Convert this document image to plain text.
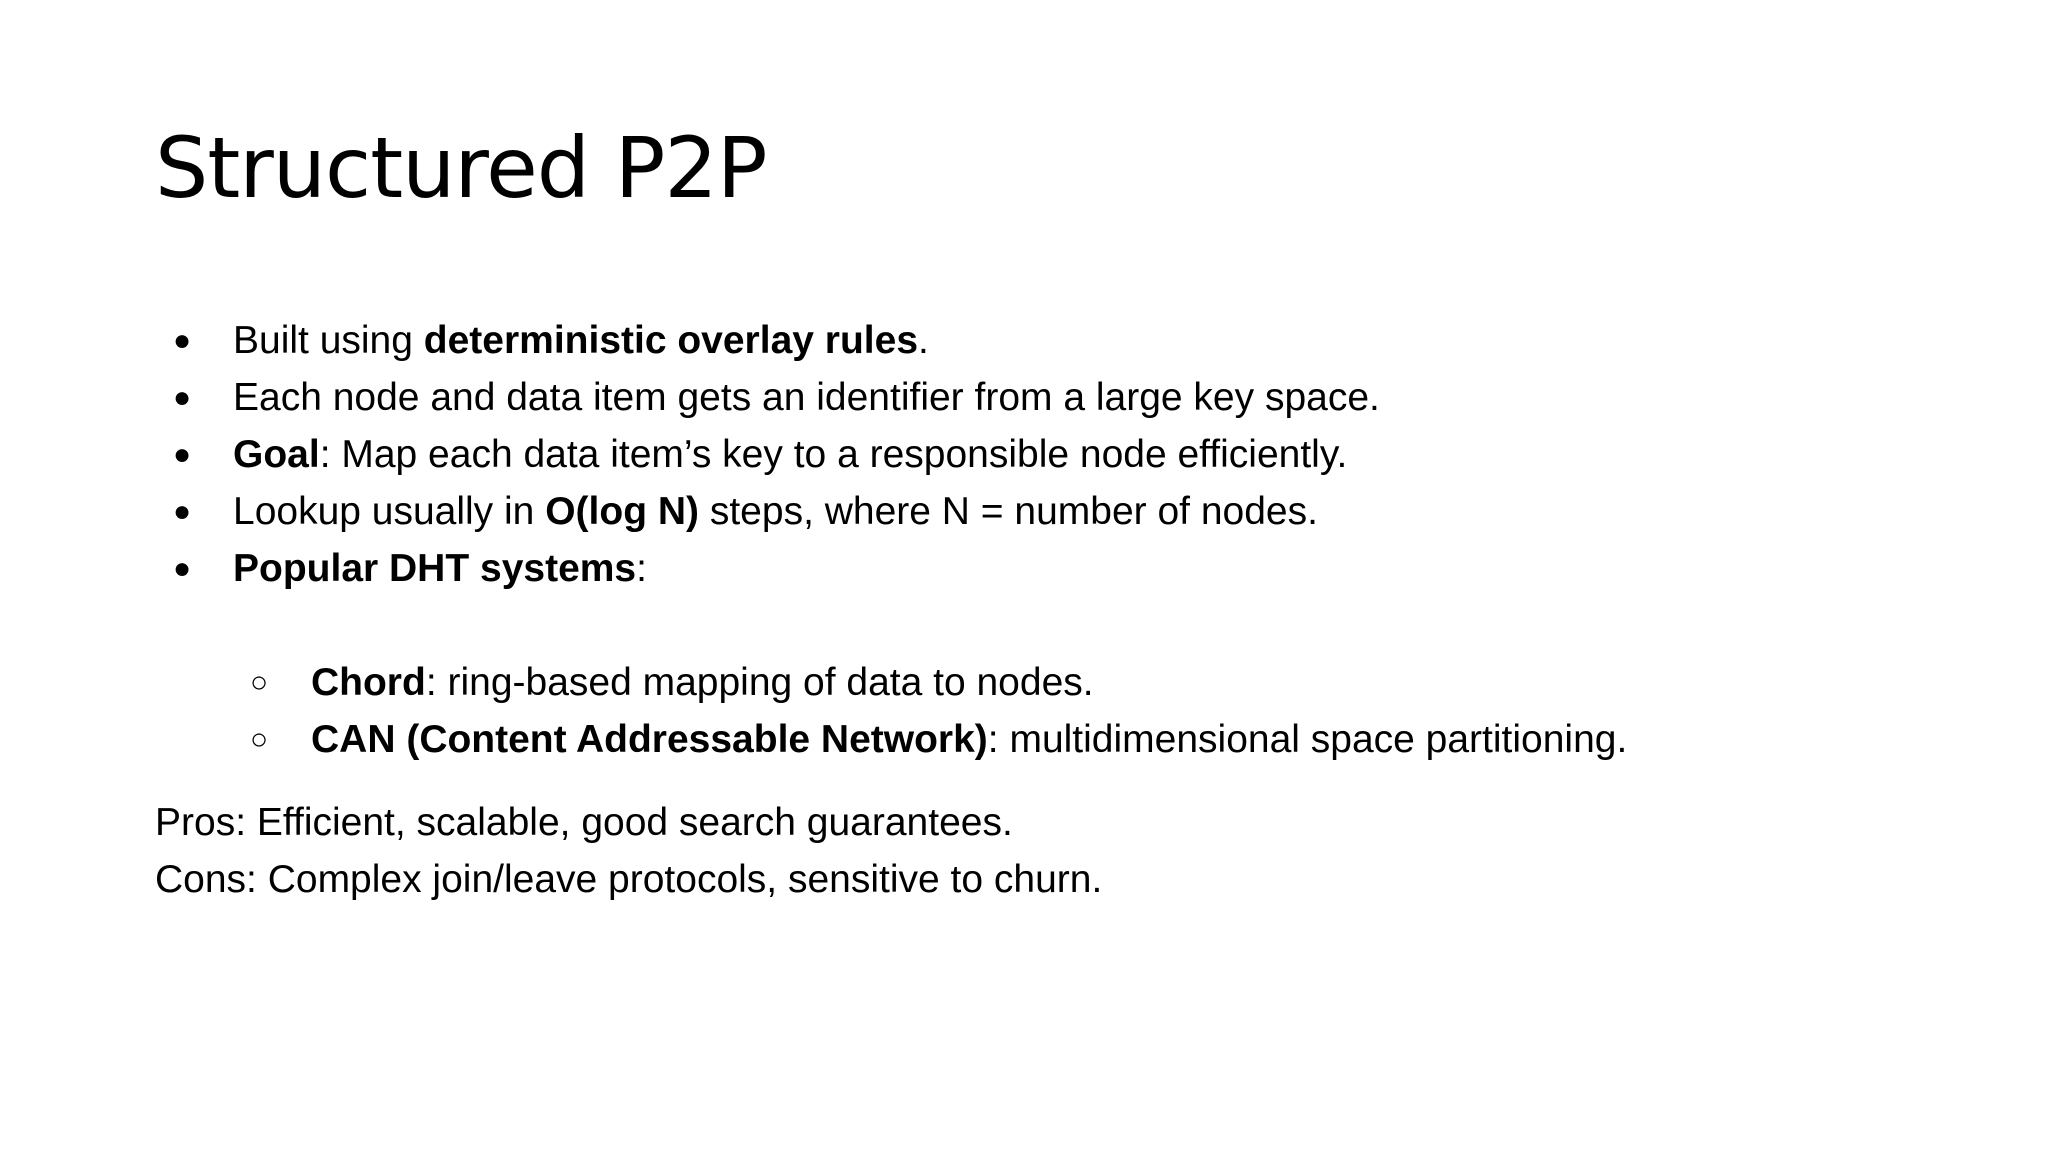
Structured P2P
● Built using deterministic overlay rules.
● Each node and data item gets an identifier from a large key space.
● Goal: Map each data item’s key to a responsible node efficiently.
● Lookup usually in O(log N) steps, where N = number of nodes.
● Popular DHT systems:
○ Chord: ring-based mapping of data to nodes.
○ CAN (Content Addressable Network): multidimensional space partitioning.
Pros: Efficient, scalable, good search guarantees.
Cons: Complex join/leave protocols, sensitive to churn.
